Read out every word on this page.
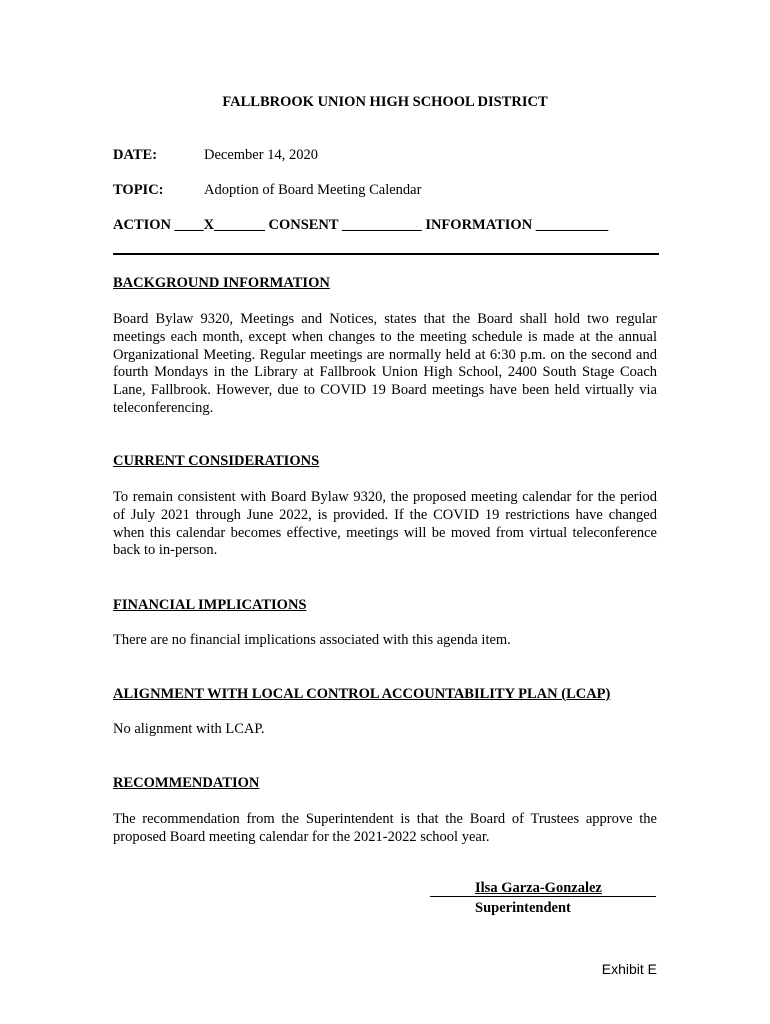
FALLBROOK UNION HIGH SCHOOL DISTRICT
DATE:	December 14, 2020
TOPIC:	Adoption of Board Meeting Calendar
ACTION ____X_______ CONSENT ___________ INFORMATION __________
BACKGROUND INFORMATION
Board Bylaw 9320, Meetings and Notices, states that the Board shall hold two regular meetings each month, except when changes to the meeting schedule is made at the annual Organizational Meeting. Regular meetings are normally held at 6:30 p.m. on the second and fourth Mondays in the Library at Fallbrook Union High School, 2400 South Stage Coach Lane, Fallbrook. However, due to COVID 19 Board meetings have been held virtually via teleconferencing.
CURRENT CONSIDERATIONS
To remain consistent with Board Bylaw 9320, the proposed meeting calendar for the period of July 2021 through June 2022, is provided. If the COVID 19 restrictions have changed when this calendar becomes effective, meetings will be moved from virtual teleconference back to in-person.
FINANCIAL IMPLICATIONS
There are no financial implications associated with this agenda item.
ALIGNMENT WITH LOCAL CONTROL ACCOUNTABILITY PLAN (LCAP)
No alignment with LCAP.
RECOMMENDATION
The recommendation from the Superintendent is that the Board of Trustees approve the proposed Board meeting calendar for the 2021-2022 school year.
Ilsa Garza-Gonzalez
Superintendent
Exhibit E
